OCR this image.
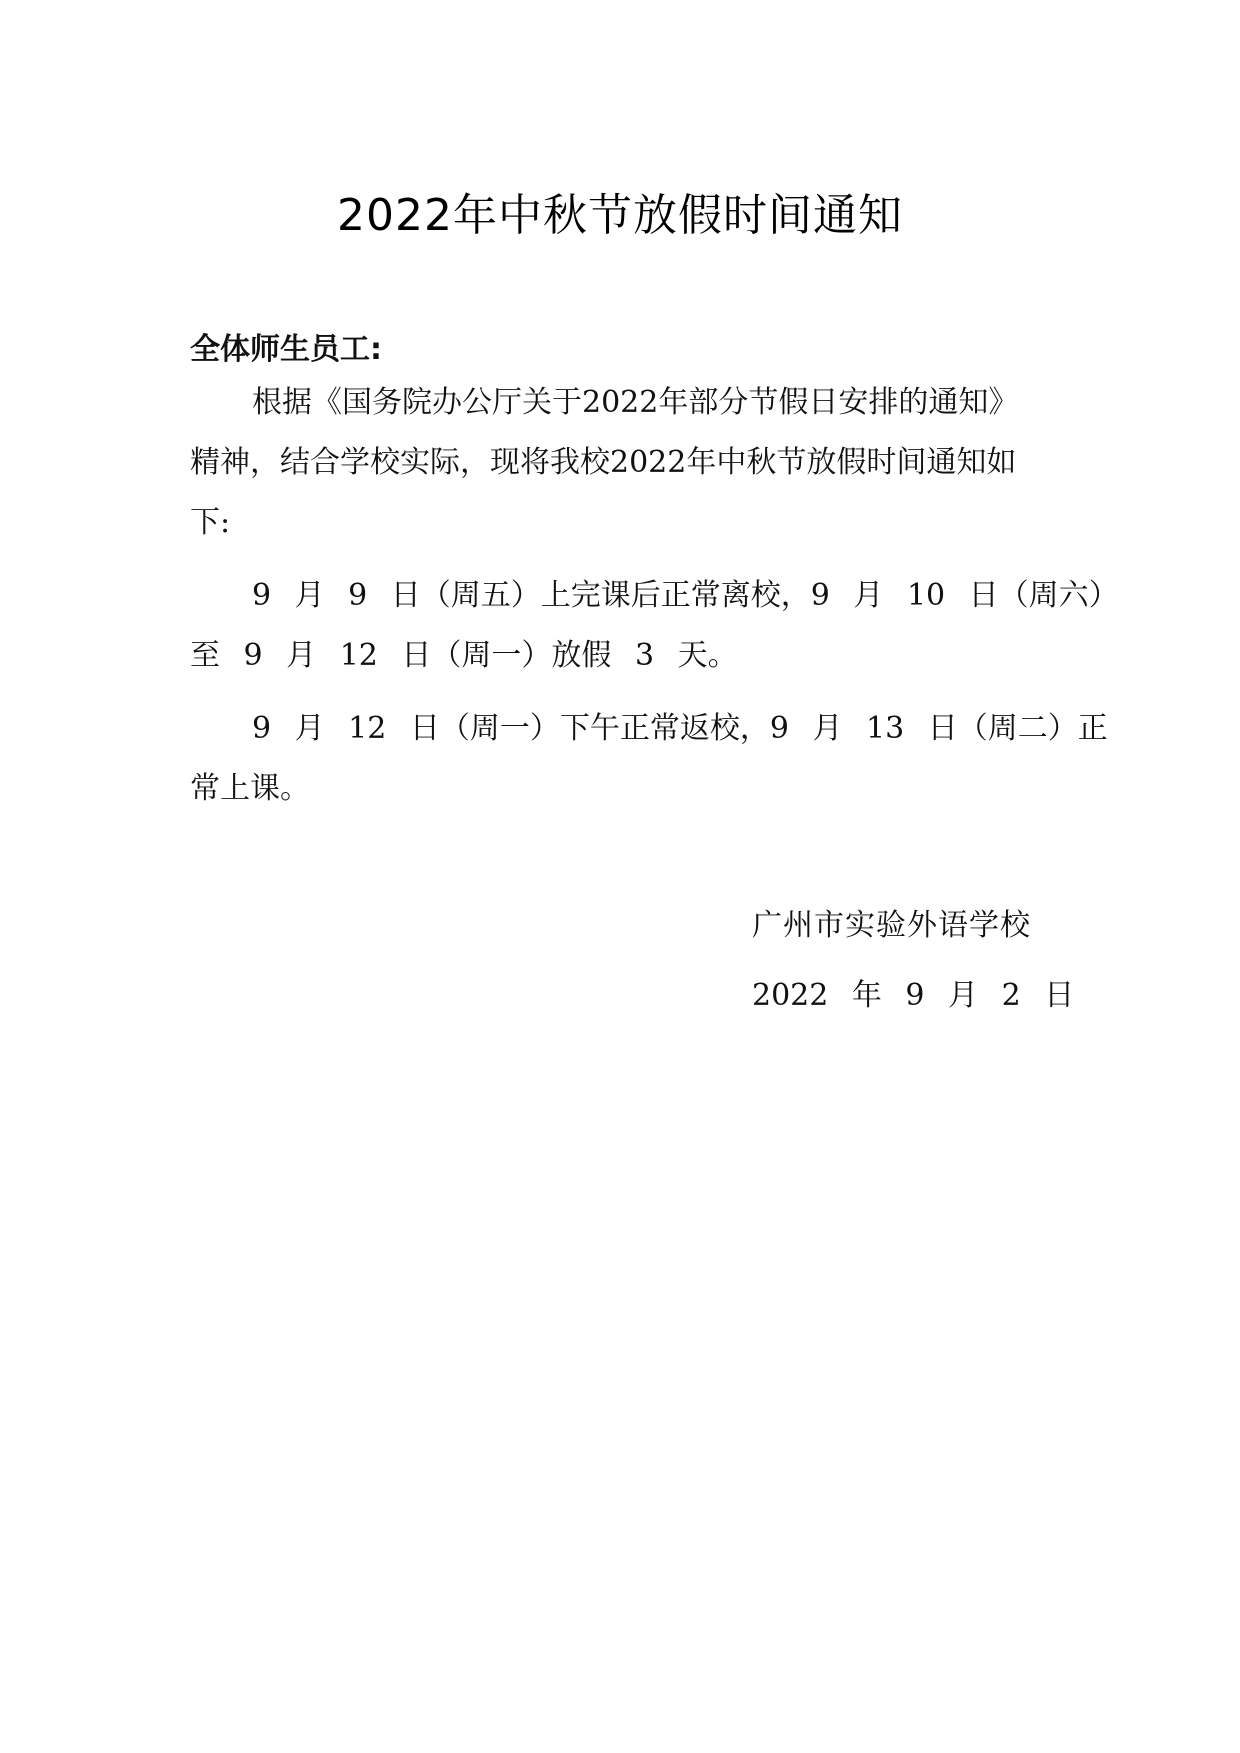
2022年中秋节放假时间通知
全体师生员工:
根据《国务院办公厅关于2022年部分节假日安排的通知》
精神，结合学校实际，现将我校2022年中秋节放假时间通知如
下:
9 月 9 日（周五）上完课后正常离校，9 月 10 日（周六）
至 9 月 12 日（周一）放假 3 天。
9 月 12 日（周一）下午正常返校，9 月 13 日（周二）正
常上课。
广州市实验外语学校
2022 年 9 月 2 日
